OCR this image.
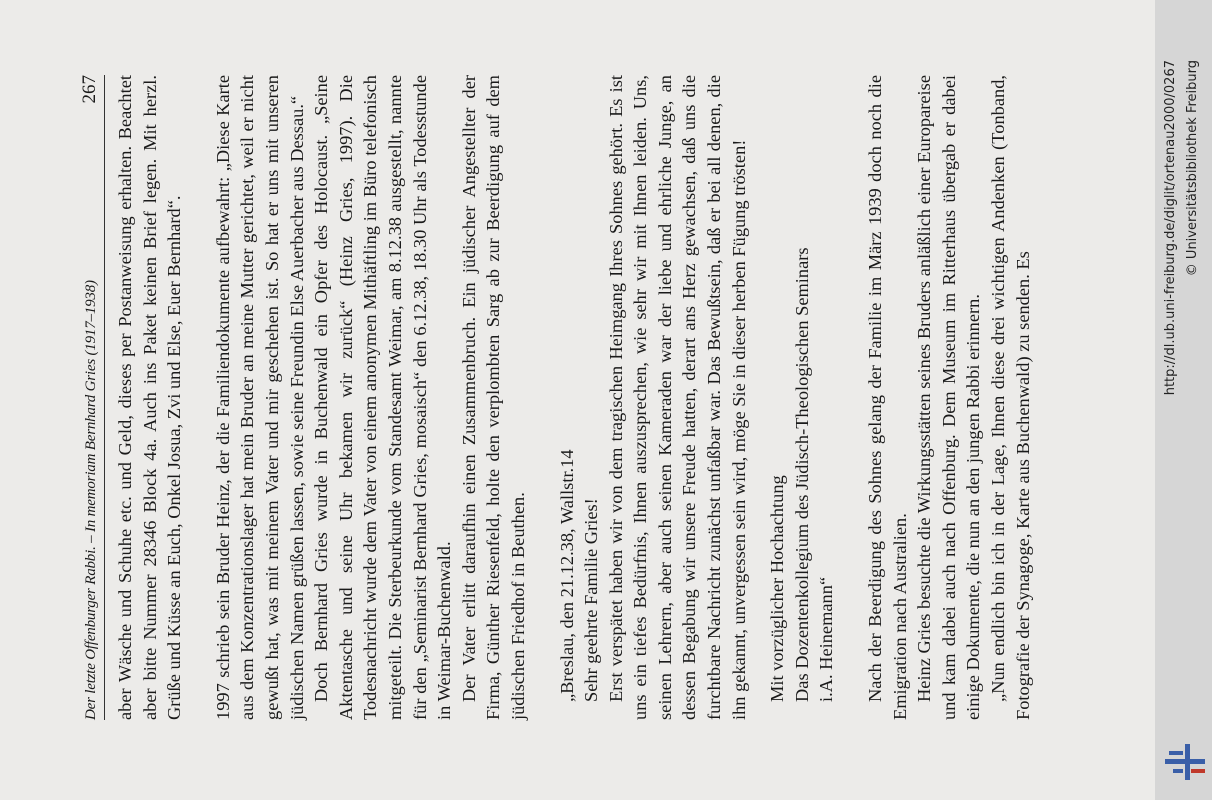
Der letzte Offenburger Rabbi. – In memoriam Bernhard Gries (1917–1938)
267 aber Wäsche und Schuhe etc. und Geld, dieses per Postanweisung erhalten. Beachtet aber bitte Nummer 28346 Block 4a. Auch ins Paket keinen Brief legen. Mit herzl. Grüße und Küsse an Euch, Onkel Josua, Zvi und Else, Euer Bernhard“. 1997 schrieb sein Bruder Heinz, der die Familiendokumente aufbewahrt: „Diese Karte aus dem Konzentrationslager hat mein Bruder an meine Mutter gerichtet, weil er nicht gewußt hat, was mit meinem Vater und mir geschehen ist. So hat er uns mit unseren jüdischen Namen grüßen lassen, sowie seine Freundin Else Auerbacher aus Dessau.“ Doch Bernhard Gries wurde in Buchenwald ein Opfer des Holocaust. „Seine Aktentasche und seine Uhr bekamen wir zurück“ (Heinz Gries, 1997). Die Todesnachricht wurde dem Vater von einem anonymen Mithäftling im Büro telefonisch mitgeteilt. Die Sterbeurkunde vom Standesamt Weimar, am 8.12.38 ausgestellt, nannte für den „Seminarist Bernhard Gries, mosaisch“ den 6.12.38, 18.30 Uhr als Todesstunde in Weimar-Buchenwald. Der Vater erlitt daraufhin einen Zusammenbruch. Ein jüdischer Angestellter der Firma, Günther Riesenfeld, holte den verplombten Sarg ab zur Beerdigung auf dem jüdischen Friedhof in Beuthen. „Breslau, den 21.12.38, Wallstr.14 Sehr geehrte Familie Gries! Erst verspätet haben wir von dem tragischen Heimgang Ihres Sohnes gehört. Es ist uns ein tiefes Bedürfnis, Ihnen auszusprechen, wie sehr wir mit Ihnen leiden. Uns, seinen Lehrern, aber auch seinen Kameraden war der liebe und ehrliche Junge, an dessen Begabung wir unsere Freude hatten, derart ans Herz gewachsen, daß uns die furchtbare Nachricht zunächst unfaßbar war. Das Bewußtsein, daß er bei all denen, die ihn gekannt, unvergessen sein wird, möge Sie in dieser herben Fügung trösten! Mit vorzüglicher Hochachtung Das Dozentenkollegium des Jüdisch-Theologischen Seminars i.A. Heinemann“ Nach der Beerdigung des Sohnes gelang der Familie im März 1939 doch noch die Emigration nach Australien. Heinz Gries besuchte die Wirkungsstätten seines Bruders anläßlich einer Europareise und kam dabei auch nach Offenburg. Dem Museum im Ritterhaus übergab er dabei einige Dokumente, die nun an den jungen Rabbi erinnern. „Nun endlich bin ich in der Lage, Ihnen diese drei wichtigen Andenken (Tonband, Fotografie der Synagoge, Karte aus Buchenwald) zu senden. Es

http://dl.ub.uni-freiburg.de/diglit/ortenau2000/0267 © Universitätsbibliothek Freiburg
